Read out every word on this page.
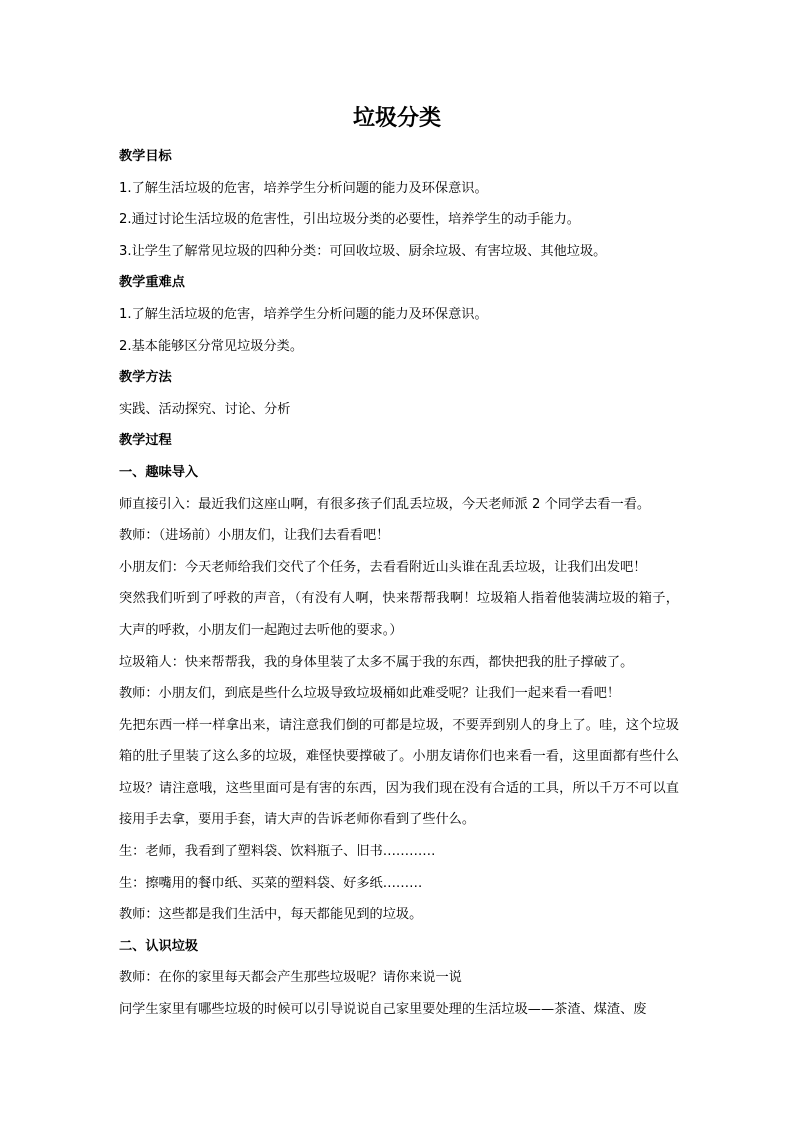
垃圾分类
教学目标
1.了解生活垃圾的危害，培养学生分析问题的能力及环保意识。
2.通过讨论生活垃圾的危害性，引出垃圾分类的必要性，培养学生的动手能力。
3.让学生了解常见垃圾的四种分类：可回收垃圾、厨余垃圾、有害垃圾、其他垃圾。
教学重难点
1.了解生活垃圾的危害，培养学生分析问题的能力及环保意识。
2.基本能够区分常见垃圾分类。
教学方法
实践、活动探究、讨论、分析
教学过程
一、趣味导入
师直接引入：最近我们这座山啊，有很多孩子们乱丢垃圾，今天老师派 2 个同学去看一看。
教师：（进场前）小朋友们，让我们去看看吧！
小朋友们：今天老师给我们交代了个任务，去看看附近山头谁在乱丢垃圾，让我们出发吧！

突然我们听到了呼救的声音，（有没有人啊，快来帮帮我啊！垃圾箱人指着他装满垃圾的箱子，大声的呼救，小朋友们一起跑过去听他的要求。）

垃圾箱人：快来帮帮我，我的身体里装了太多不属于我的东西，都快把我的肚子撑破了。
教师：小朋友们，到底是些什么垃圾导致垃圾桶如此难受呢？让我们一起来看一看吧！

先把东西一样一样拿出来，请注意我们倒的可都是垃圾，不要弄到别人的身上了。哇，这个垃圾箱的肚子里装了这么多的垃圾，难怪快要撑破了。小朋友请你们也来看一看，这里面都有些什么垃圾？请注意哦，这些里面可是有害的东西，因为我们现在没有合适的工具，所以千万不可以直接用手去拿，要用手套，请大声的告诉老师你看到了些什么。

生：老师，我看到了塑料袋、饮料瓶子、旧书…………
生：擦嘴用的餐巾纸、买菜的塑料袋、好多纸………
教师：这些都是我们生活中，每天都能见到的垃圾。
二、认识垃圾
教师：在你的家里每天都会产生那些垃圾呢？请你来说一说
问学生家里有哪些垃圾的时候可以引导说说自己家里要处理的生活垃圾——茶渣、煤渣、废
